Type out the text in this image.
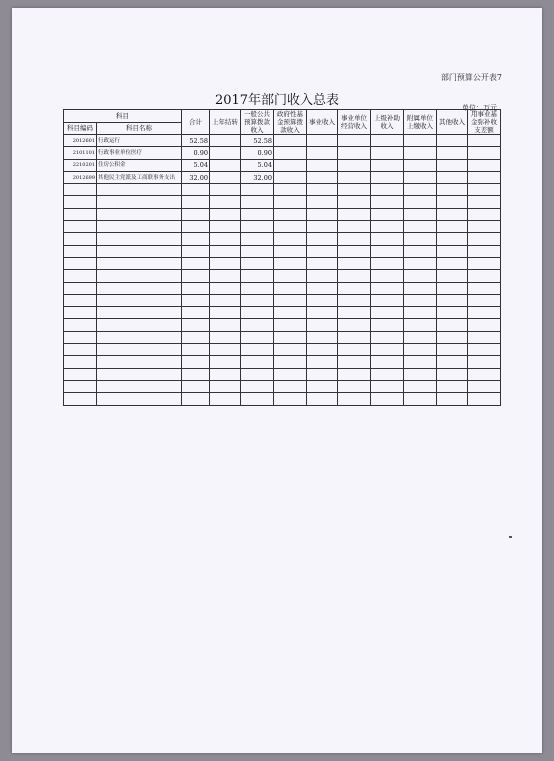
部门预算公开表7
2017年部门收入总表	单位：万元
科目		合计	上年结转	一般公共预算拨款收入	政府性基金预算拨款收入	事业收入	事业单位经营收入	上级补助收入	附属单位上缴收入	其他收入	用事业基金弥补收支差额
科目编码	科目名称										
2012601	行政运行	52.58		52.58							
2101101	行政事业单位医疗	0.90		0.90							
2210201	住房公积金	5.04		5.04							
2012699	其他民主党派及工商联事务支出	32.00		32.00							
